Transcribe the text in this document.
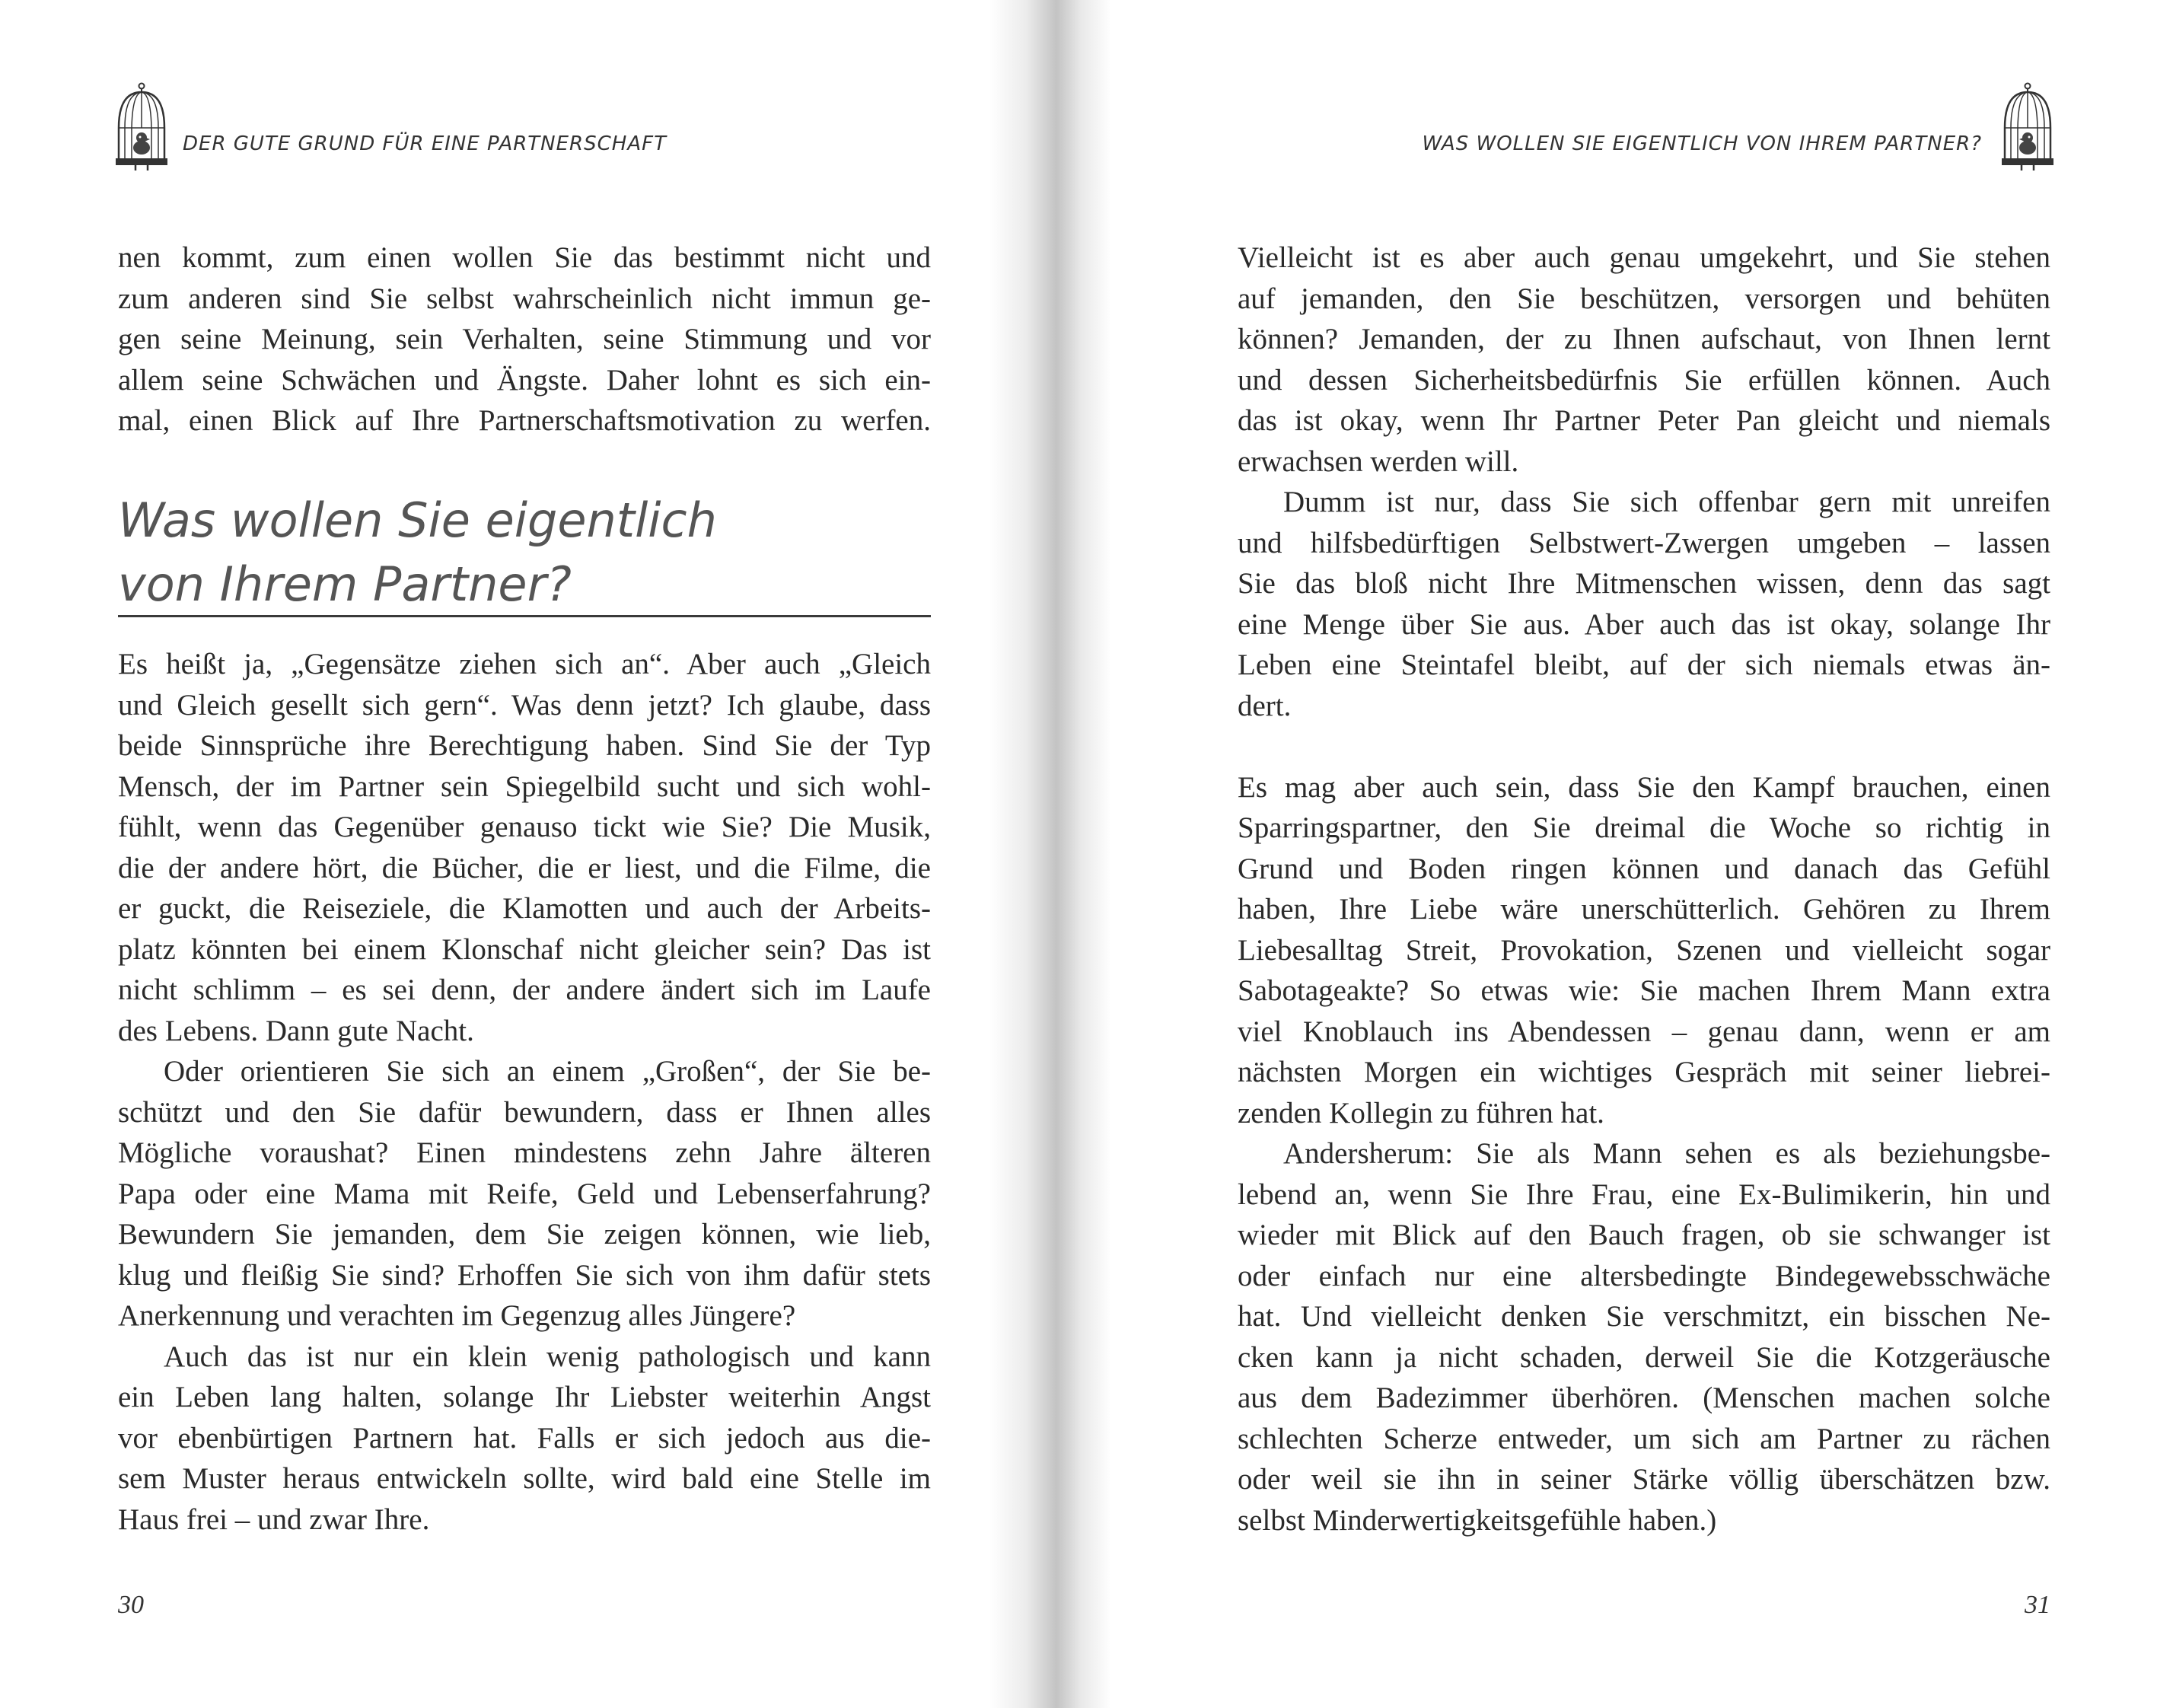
DER GUTE GRUND FÜR EINE PARTNERSCHAFT
nen kommt, zum einen wollen Sie das bestimmt nicht und
zum anderen sind Sie selbst wahrscheinlich nicht immun ge-
gen seine Meinung, sein Verhalten, seine Stimmung und vor
allem seine Schwächen und Ängste. Daher lohnt es sich ein-
mal, einen Blick auf Ihre Partnerschaftsmotivation zu werfen.
Was wollen Sie eigentlich
von Ihrem Partner?
Es heißt ja, „Gegensätze ziehen sich an“. Aber auch „Gleich
und Gleich gesellt sich gern“. Was denn jetzt? Ich glaube, dass
beide Sinnsprüche ihre Berechtigung haben. Sind Sie der Typ
Mensch, der im Partner sein Spiegelbild sucht und sich wohl-
fühlt, wenn das Gegenüber genauso tickt wie Sie? Die Musik,
die der andere hört, die Bücher, die er liest, und die Filme, die
er guckt, die Reiseziele, die Klamotten und auch der Arbeits-
platz könnten bei einem Klonschaf nicht gleicher sein? Das ist
nicht schlimm – es sei denn, der andere ändert sich im Laufe
des Lebens. Dann gute Nacht.
Oder orientieren Sie sich an einem „Großen“, der Sie be-
schützt und den Sie dafür bewundern, dass er Ihnen alles
Mögliche voraushat? Einen mindestens zehn Jahre älteren
Papa oder eine Mama mit Reife, Geld und Lebenserfahrung?
Bewundern Sie jemanden, dem Sie zeigen können, wie lieb,
klug und fleißig Sie sind? Erhoffen Sie sich von ihm dafür stets
Anerkennung und verachten im Gegenzug alles Jüngere?
Auch das ist nur ein klein wenig pathologisch und kann
ein Leben lang halten, solange Ihr Liebster weiterhin Angst
vor ebenbürtigen Partnern hat. Falls er sich jedoch aus die-
sem Muster heraus entwickeln sollte, wird bald eine Stelle im
Haus frei – und zwar Ihre.
30
WAS WOLLEN SIE EIGENTLICH VON IHREM PARTNER?
Vielleicht ist es aber auch genau umgekehrt, und Sie stehen
auf jemanden, den Sie beschützen, versorgen und behüten
können? Jemanden, der zu Ihnen aufschaut, von Ihnen lernt
und dessen Sicherheitsbedürfnis Sie erfüllen können. Auch
das ist okay, wenn Ihr Partner Peter Pan gleicht und niemals
erwachsen werden will.
Dumm ist nur, dass Sie sich offenbar gern mit unreifen
und hilfsbedürftigen Selbstwert-Zwergen umgeben – lassen
Sie das bloß nicht Ihre Mitmenschen wissen, denn das sagt
eine Menge über Sie aus. Aber auch das ist okay, solange Ihr
Leben eine Steintafel bleibt, auf der sich niemals etwas än-
dert.
Es mag aber auch sein, dass Sie den Kampf brauchen, einen
Sparringspartner, den Sie dreimal die Woche so richtig in
Grund und Boden ringen können und danach das Gefühl
haben, Ihre Liebe wäre unerschütterlich. Gehören zu Ihrem
Liebesalltag Streit, Provokation, Szenen und vielleicht sogar
Sabotageakte? So etwas wie: Sie machen Ihrem Mann extra
viel Knoblauch ins Abendessen – genau dann, wenn er am
nächsten Morgen ein wichtiges Gespräch mit seiner liebrei-
zenden Kollegin zu führen hat.
Andersherum: Sie als Mann sehen es als beziehungsbe-
lebend an, wenn Sie Ihre Frau, eine Ex-Bulimikerin, hin und
wieder mit Blick auf den Bauch fragen, ob sie schwanger ist
oder einfach nur eine altersbedingte Bindegewebsschwäche
hat. Und vielleicht denken Sie verschmitzt, ein bisschen Ne-
cken kann ja nicht schaden, derweil Sie die Kotzgeräusche
aus dem Badezimmer überhören. (Menschen machen solche
schlechten Scherze entweder, um sich am Partner zu rächen
oder weil sie ihn in seiner Stärke völlig überschätzen bzw.
selbst Minderwertigkeitsgefühle haben.)
31
